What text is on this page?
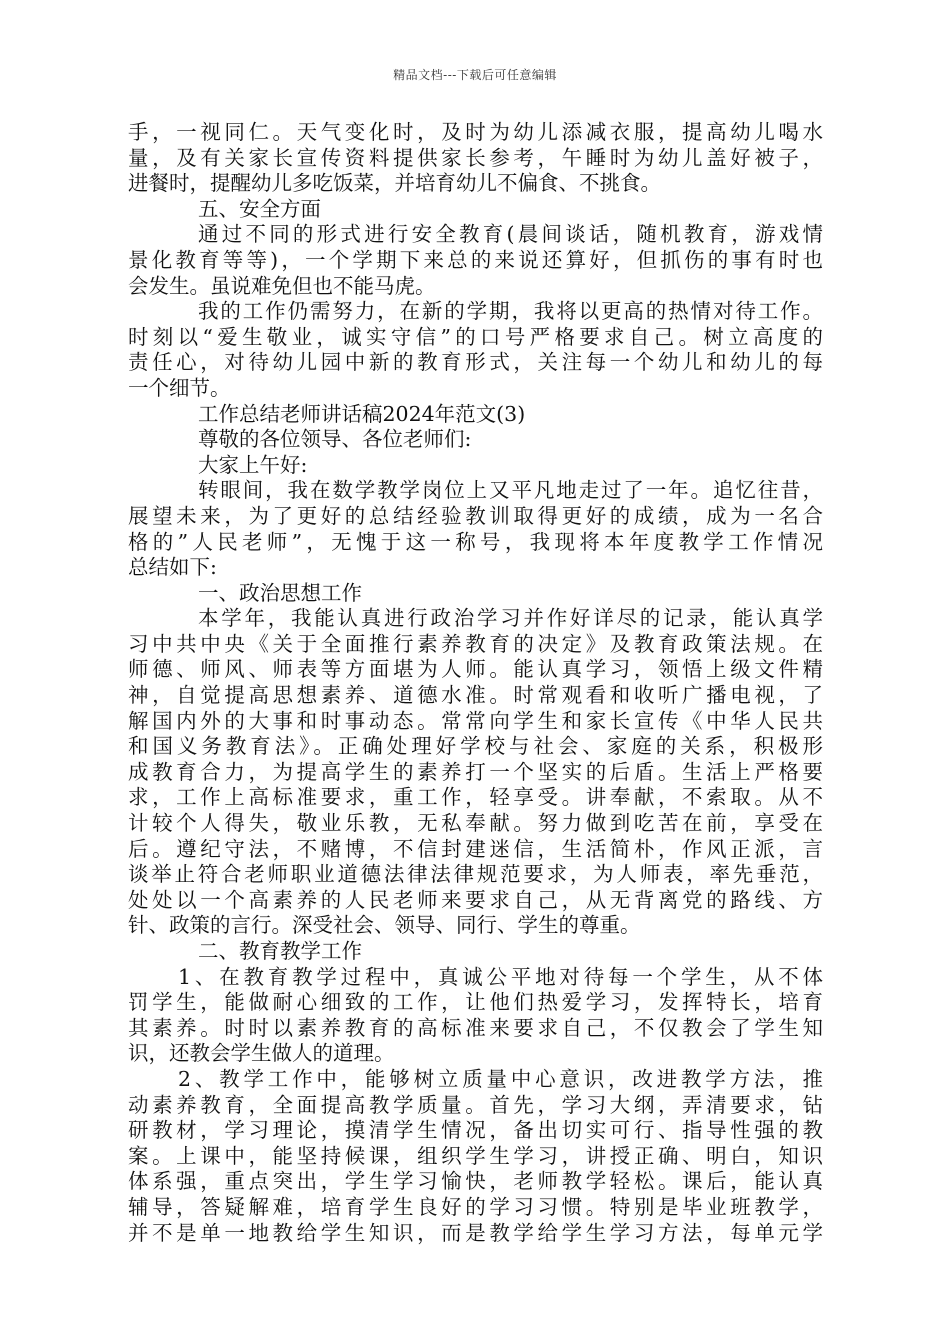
精品文档---下载后可任意编辑
手，一视同仁。天气变化时，及时为幼儿添减衣服，提高幼儿喝水
量，及有关家长宣传资料提供家长参考，午睡时为幼儿盖好被子，
进餐时，提醒幼儿多吃饭菜，并培育幼儿不偏食、不挑食。
五、安全方面
通过不同的形式进行安全教育(晨间谈话，随机教育，游戏情
景化教育等等)，一个学期下来总的来说还算好，但抓伤的事有时也
会发生。虽说难免但也不能马虎。
我的工作仍需努力，在新的学期，我将以更高的热情对待工作。
时刻以“爱生敬业，诚实守信”的口号严格要求自己。树立高度的
责任心，对待幼儿园中新的教育形式，关注每一个幼儿和幼儿的每
一个细节。
工作总结老师讲话稿2024年范文(3)
尊敬的各位领导、各位老师们:
大家上午好:
转眼间，我在数学教学岗位上又平凡地走过了一年。追忆往昔，
展望未来，为了更好的总结经验教训取得更好的成绩，成为一名合
格的”人民老师”，无愧于这一称号，我现将本年度教学工作情况
总结如下:
一、政治思想工作
本学年，我能认真进行政治学习并作好详尽的记录，能认真学
习中共中央《关于全面推行素养教育的决定》及教育政策法规。在
师德、师风、师表等方面堪为人师。能认真学习，领悟上级文件精
神，自觉提高思想素养、道德水准。时常观看和收听广播电视，了
解国内外的大事和时事动态。常常向学生和家长宣传《中华人民共
和国义务教育法》。正确处理好学校与社会、家庭的关系，积极形
成教育合力，为提高学生的素养打一个坚实的后盾。生活上严格要
求，工作上高标准要求，重工作，轻享受。讲奉献，不索取。从不
计较个人得失，敬业乐教，无私奉献。努力做到吃苦在前，享受在
后。遵纪守法，不赌博，不信封建迷信，生活简朴，作风正派，言
谈举止符合老师职业道德法律法律规范要求，为人师表，率先垂范，
处处以一个高素养的人民老师来要求自己，从无背离党的路线、方
针、政策的言行。深受社会、领导、同行、学生的尊重。
二、教育教学工作
1、在教育教学过程中，真诚公平地对待每一个学生，从不体
罚学生，能做耐心细致的工作，让他们热爱学习，发挥特长，培育
其素养。时时以素养教育的高标准来要求自己，不仅教会了学生知
识，还教会学生做人的道理。
2、教学工作中，能够树立质量中心意识，改进教学方法，推
动素养教育，全面提高教学质量。首先，学习大纲，弄清要求，钻
研教材，学习理论，摸清学生情况，备出切实可行、指导性强的教
案。上课中，能坚持候课，组织学生学习，讲授正确、明白，知识
体系强，重点突出，学生学习愉快，老师教学轻松。课后，能认真
辅导，答疑解难，培育学生良好的学习习惯。特别是毕业班教学，
并不是单一地教给学生知识，而是教学给学生学习方法，每单元学
